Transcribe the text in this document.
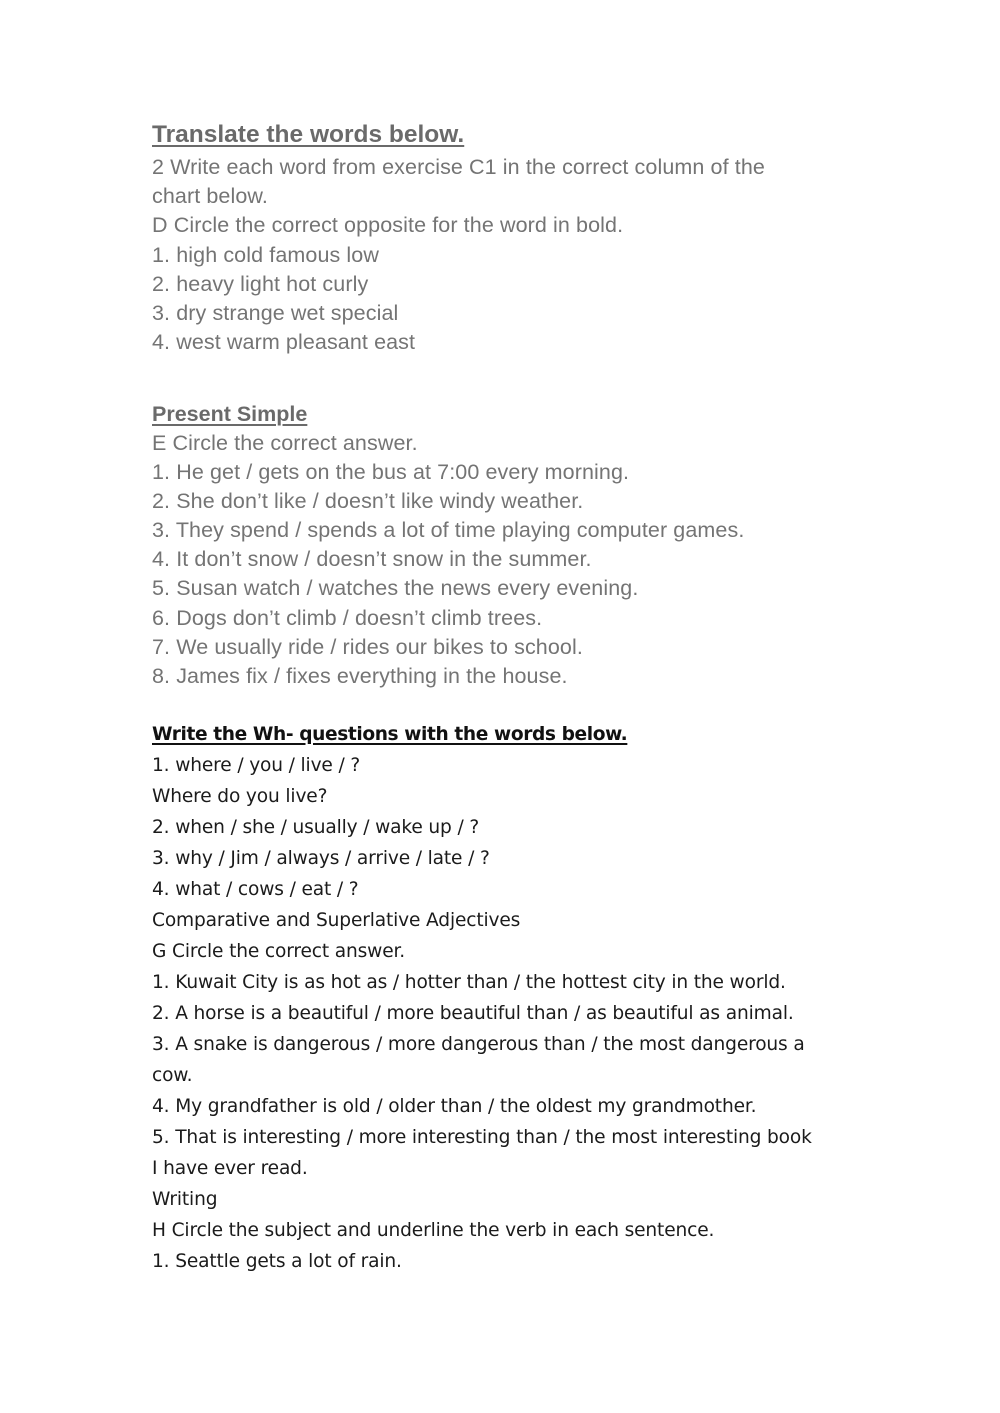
Translate the words below.

2 Write each word from exercise C1 in the correct column of the

chart below.

D Circle the correct opposite for the word in bold.

1. high cold famous low

2. heavy light hot curly

3. dry strange wet special

4. west warm pleasant east

Present Simple

E Circle the correct answer.

1. He get / gets on the bus at 7:00 every morning.

2. She don’t like / doesn’t like windy weather.

3. They spend / spends a lot of time playing computer games.

4. It don’t snow / doesn’t snow in the summer.

5. Susan watch / watches the news every evening.

6. Dogs don’t climb / doesn’t climb trees.

7. We usually ride / rides our bikes to school.

8. James fix / fixes everything in the house.

Write the Wh- questions with the words below.

1. where / you / live / ?

Where do you live?

2. when / she / usually / wake up / ?

3. why / Jim / always / arrive / late / ?

4. what / cows / eat / ?

Comparative and Superlative Adjectives

G Circle the correct answer.

1. Kuwait City is as hot as / hotter than / the hottest city in the world.

2. A horse is a beautiful / more beautiful than / as beautiful as animal.

3. A snake is dangerous / more dangerous than / the most dangerous a

cow.

4. My grandfather is old / older than / the oldest my grandmother.

5. That is interesting / more interesting than / the most interesting book

I have ever read.

Writing

H Circle the subject and underline the verb in each sentence.

1. Seattle gets a lot of rain.
